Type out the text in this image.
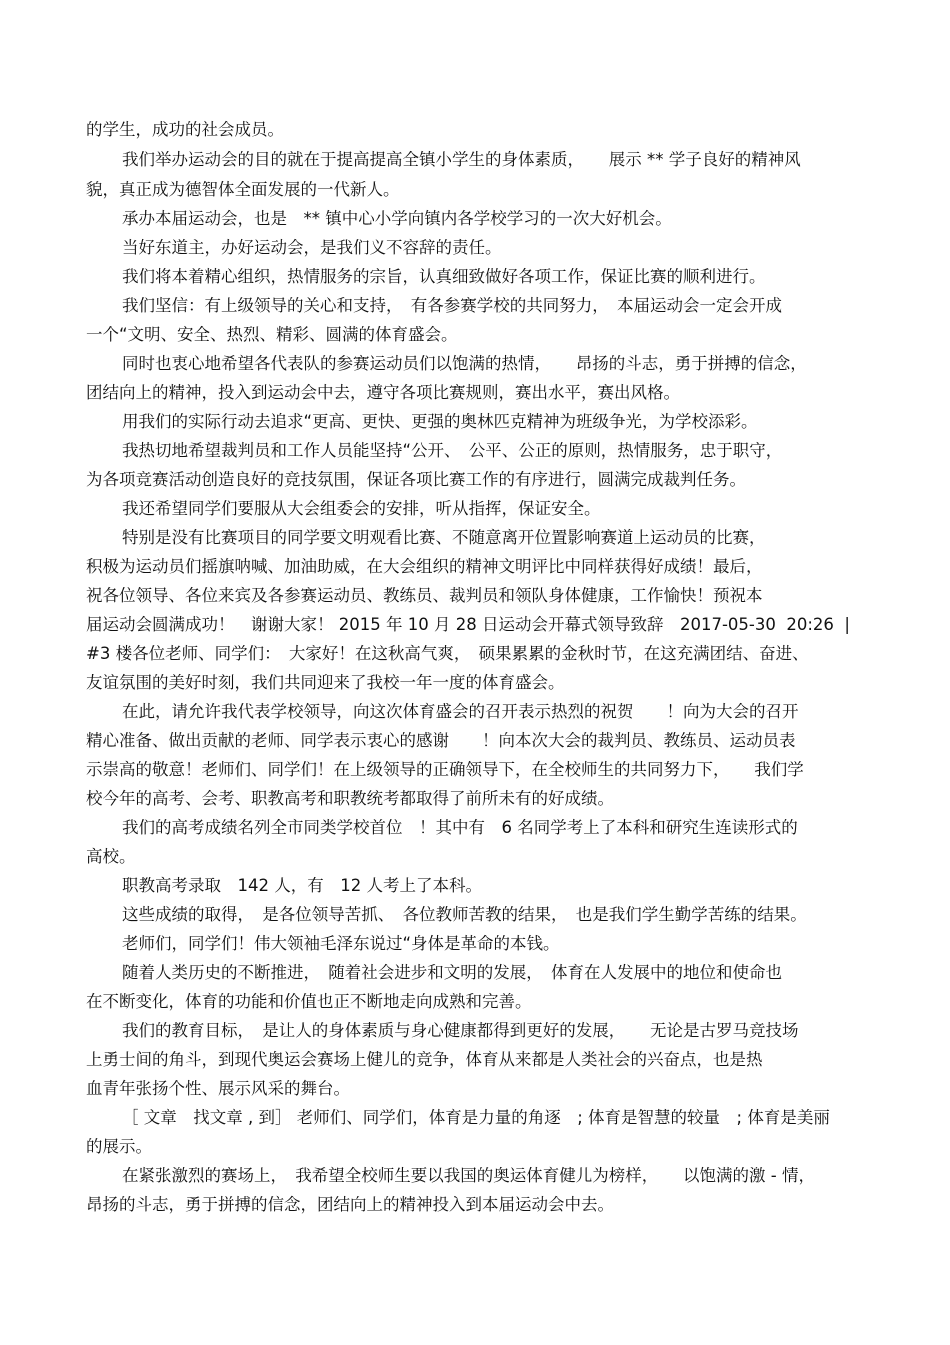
的学生，成功的社会成员。
我们举办运动会的目的就在于提高提高全镇小学生的身体素质，　　展示 ** 学子良好的精神风
貌，真正成为德智体全面发展的一代新人。
承办本届运动会，也是　** 镇中心小学向镇内各学校学习的一次大好机会。
当好东道主，办好运动会，是我们义不容辞的责任。
我们将本着精心组织，热情服务的宗旨，认真细致做好各项工作，保证比赛的顺利进行。
我们坚信：有上级领导的关心和支持，　有各参赛学校的共同努力，　本届运动会一定会开成
一个“文明、安全、热烈、精彩、圆满的体育盛会。
同时也衷心地希望各代表队的参赛运动员们以饱满的热情，　　昂扬的斗志，勇于拼搏的信念，
团结向上的精神，投入到运动会中去，遵守各项比赛规则，赛出水平，赛出风格。
用我们的实际行动去追求“更高、更快、更强的奥林匹克精神为班级争光，为学校添彩。
我热切地希望裁判员和工作人员能坚持“公开、　公平、公正的原则，热情服务，忠于职守，
为各项竞赛活动创造良好的竞技氛围，保证各项比赛工作的有序进行，圆满完成裁判任务。
我还希望同学们要服从大会组委会的安排，听从指挥，保证安全。
特别是没有比赛项目的同学要文明观看比赛、不随意离开位置影响赛道上运动员的比赛，
积极为运动员们摇旗呐喊、加油助威，在大会组织的精神文明评比中同样获得好成绩！最后，
祝各位领导、各位来宾及各参赛运动员、教练员、裁判员和领队身体健康，工作愉快！预祝本
届运动会圆满成功！　谢谢大家！ 2015 年 10 月 28 日运动会开幕式领导致辞　2017-05-30  20:26  |
#3 楼各位老师、同学们：　大家好！在这秋高气爽，　硕果累累的金秋时节，在这充满团结、奋进、
友谊氛围的美好时刻，我们共同迎来了我校一年一度的体育盛会。
在此，请允许我代表学校领导，向这次体育盛会的召开表示热烈的祝贺　　！向为大会的召开
精心准备、做出贡献的老师、同学表示衷心的感谢　　！向本次大会的裁判员、教练员、运动员表
示崇高的敬意！老师们、同学们！在上级领导的正确领导下，在全校师生的共同努力下，　　我们学
校今年的高考、会考、职教高考和职教统考都取得了前所未有的好成绩。
我们的高考成绩名列全市同类学校首位　！其中有　6 名同学考上了本科和研究生连读形式的
高校。
职教高考录取　142 人，有　12 人考上了本科。
这些成绩的取得，　是各位领导苦抓、　各位教师苦教的结果，　也是我们学生勤学苦练的结果。
老师们，同学们！伟大领袖毛泽东说过“身体是革命的本钱。
随着人类历史的不断推进，　随着社会进步和文明的发展，　体育在人发展中的地位和使命也
在不断变化，体育的功能和价值也正不断地走向成熟和完善。
我们的教育目标，　是让人的身体素质与身心健康都得到更好的发展，　　无论是古罗马竞技场
上勇士间的角斗，到现代奥运会赛场上健儿的竞争，体育从来都是人类社会的兴奋点，也是热
血青年张扬个性、展示风采的舞台。
［ 文章　找文章 , 到］ 老师们、同学们，体育是力量的角逐　; 体育是智慧的较量　; 体育是美丽
的展示。
在紧张激烈的赛场上，　我希望全校师生要以我国的奥运体育健儿为榜样，　　以饱满的激 - 情，
昂扬的斗志，勇于拼搏的信念，团结向上的精神投入到本届运动会中去。
